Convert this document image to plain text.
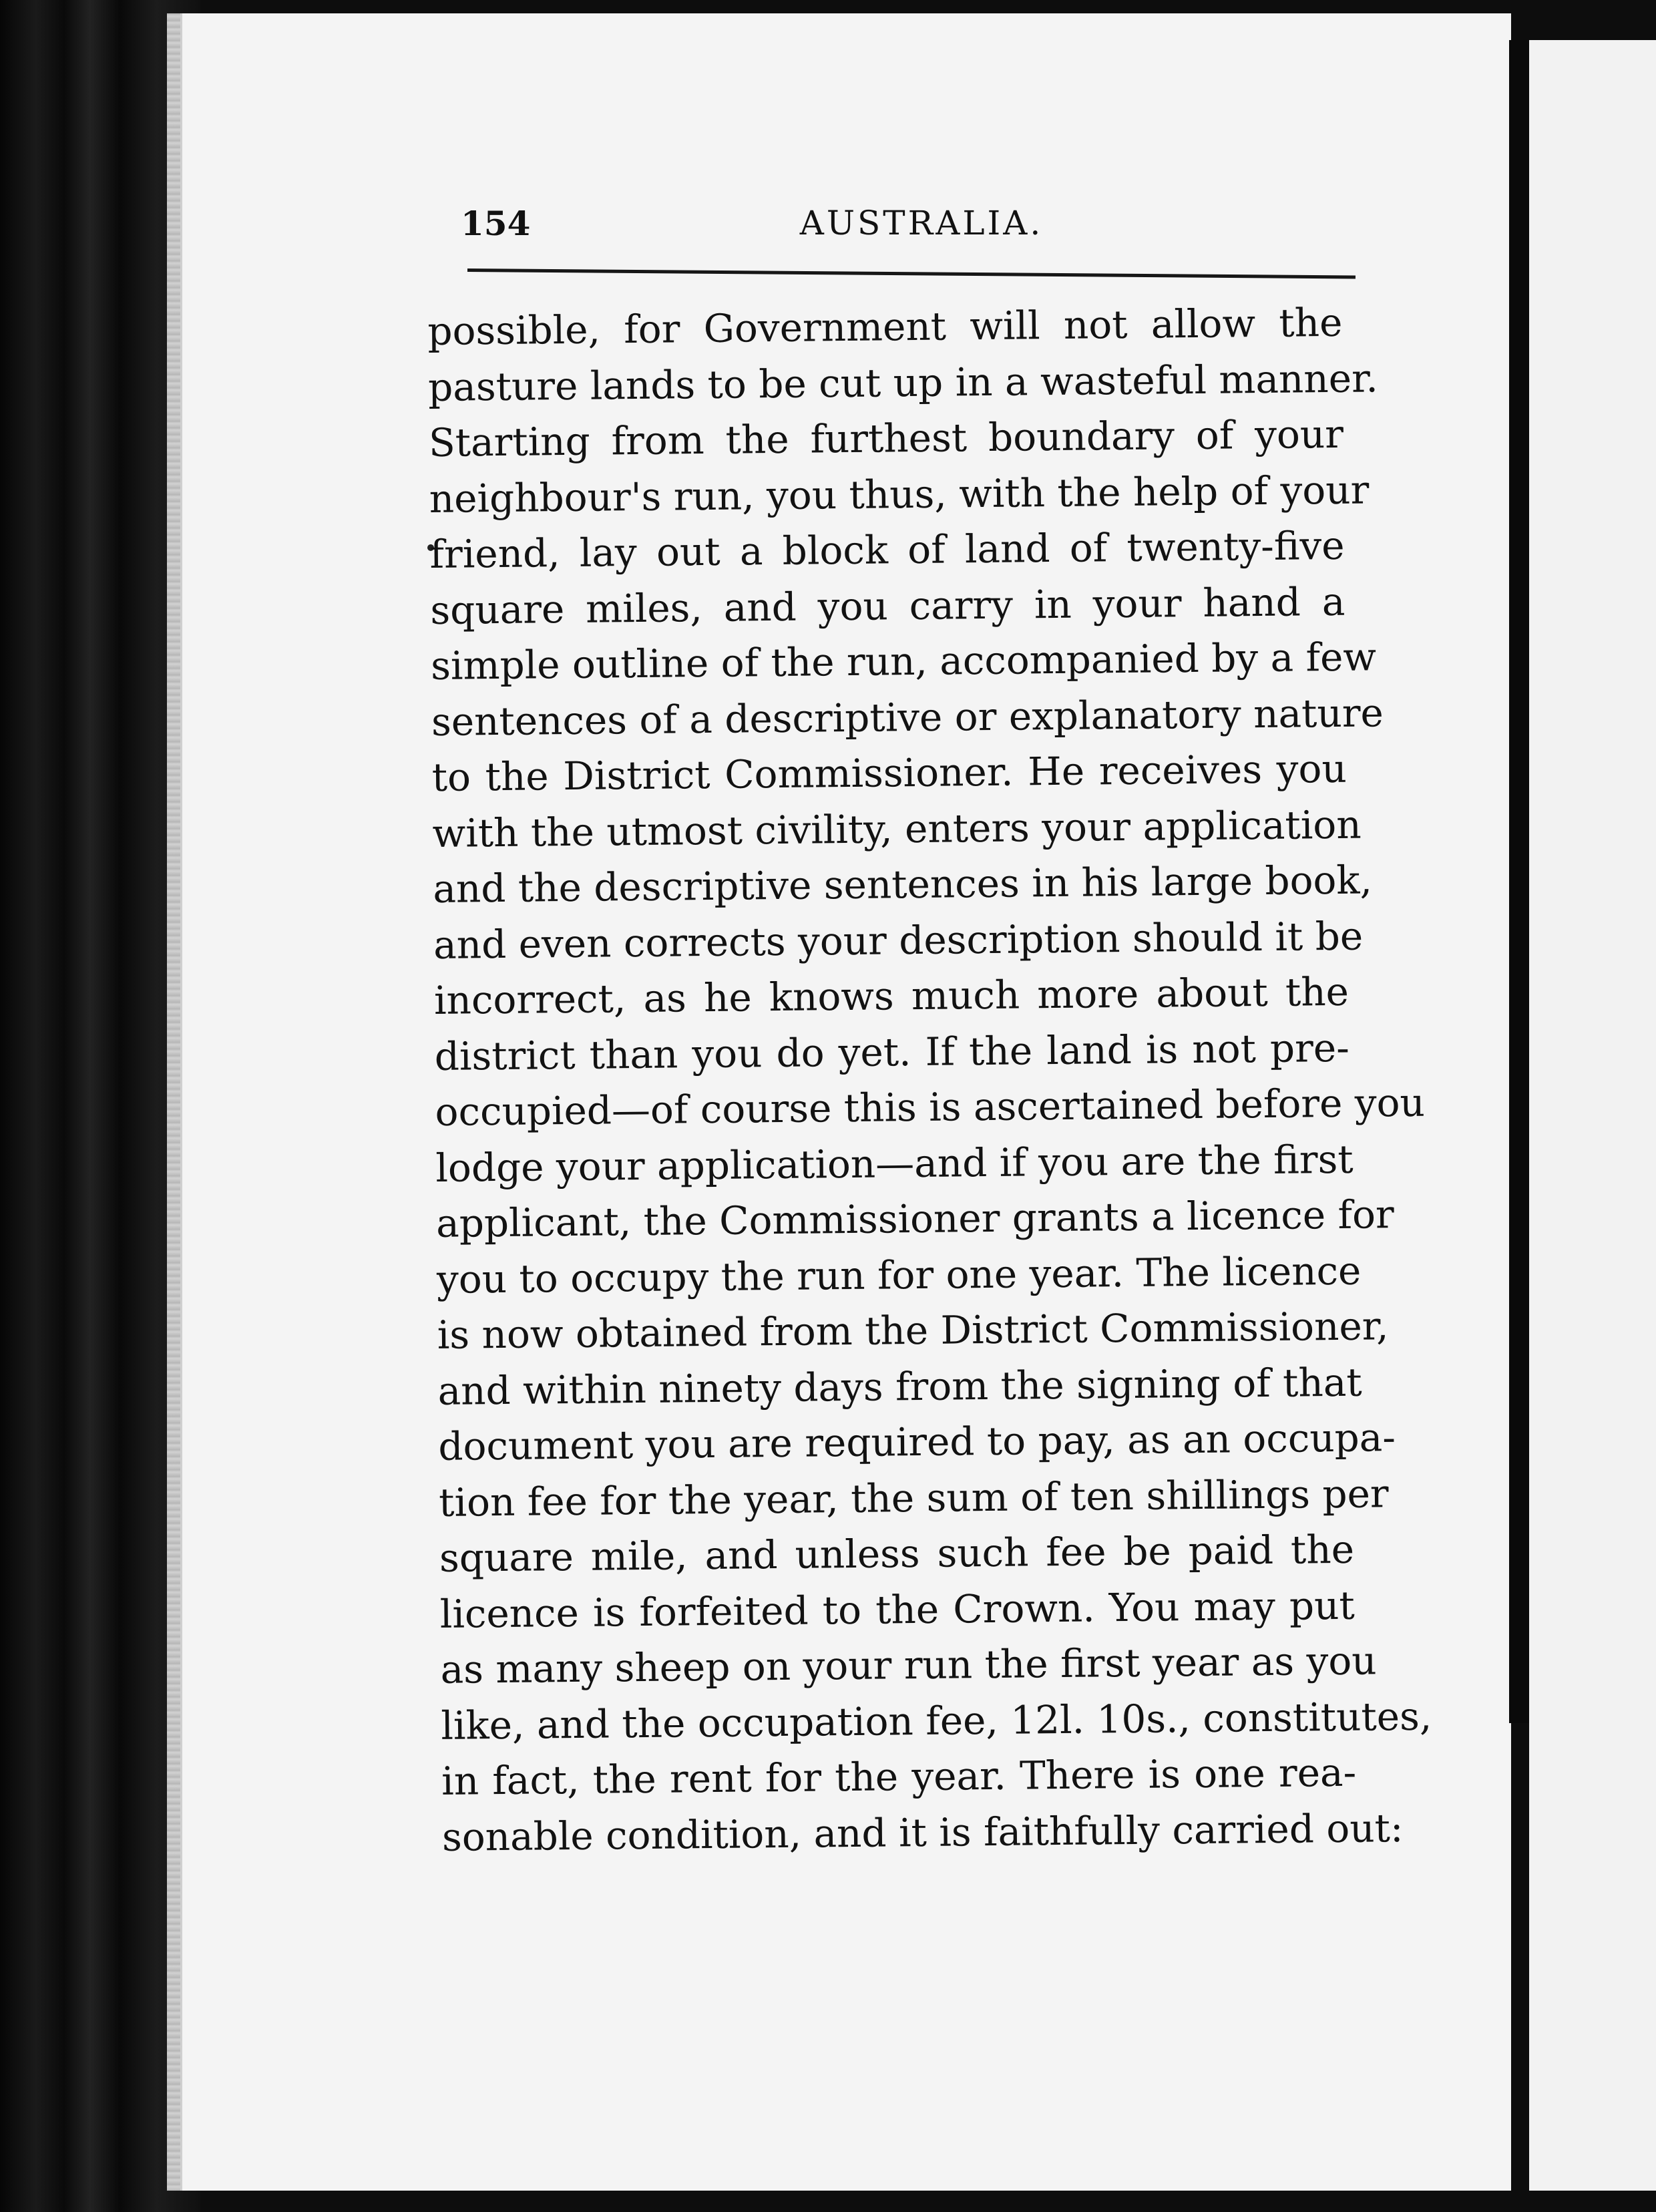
154	AUSTRALIA.
possible, for Government will not allow the
pasture lands to be cut up in a wasteful manner.
Starting from the furthest boundary of your
neighbour's run, you thus, with the help of your
friend, lay out a block of land of twenty-five
square miles, and you carry in your hand a
simple outline of the run, accompanied by a few
sentences of a descriptive or explanatory nature
to the District Commissioner. He receives you
with the utmost civility, enters your application
and the descriptive sentences in his large book,
and even corrects your description should it be
incorrect, as he knows much more about the
district than you do yet. If the land is not pre-
occupied—of course this is ascertained before you
lodge your application—and if you are the first
applicant, the Commissioner grants a licence for
you to occupy the run for one year. The licence
is now obtained from the District Commissioner,
and within ninety days from the signing of that
document you are required to pay, as an occupa-
tion fee for the year, the sum of ten shillings per
square mile, and unless such fee be paid the
licence is forfeited to the Crown. You may put
as many sheep on your run the first year as you
like, and the occupation fee, 12l. 10s., constitutes,
in fact, the rent for the year. There is one rea-
sonable condition, and it is faithfully carried out:
